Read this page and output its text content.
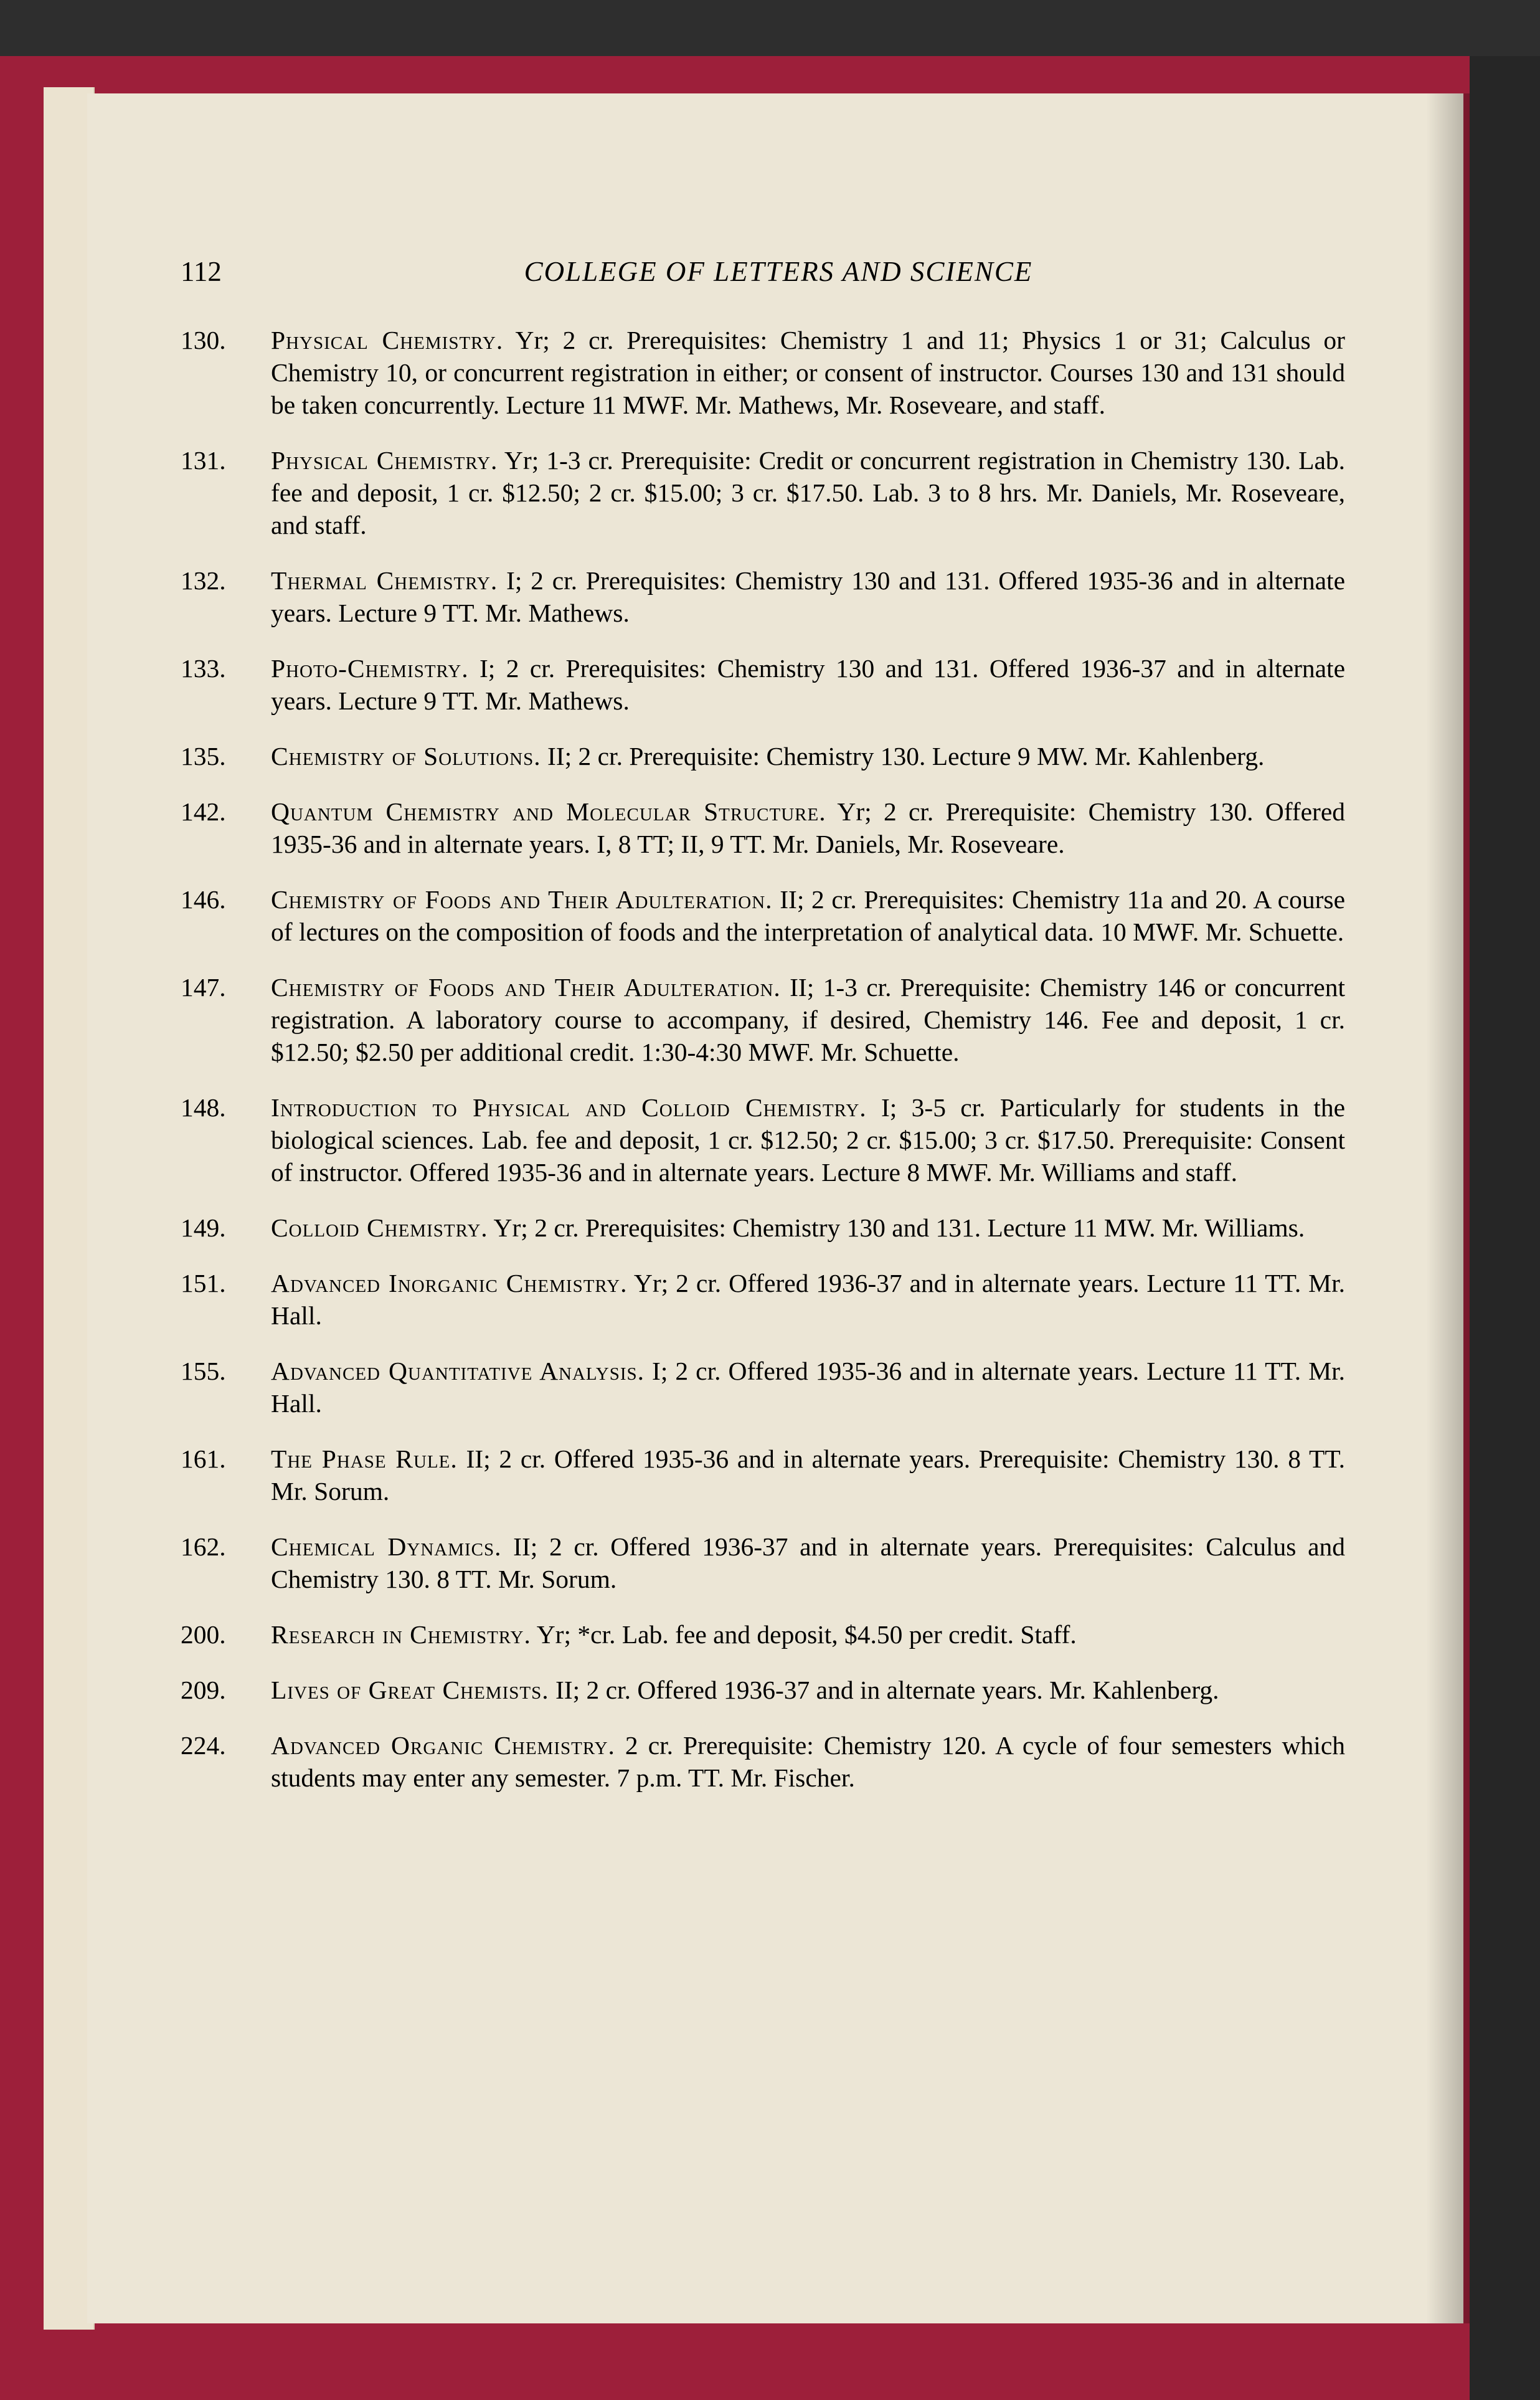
112	COLLEGE OF LETTERS AND SCIENCE
130. Physical Chemistry. Yr; 2 cr. Prerequisites: Chemistry 1 and 11; Physics 1 or 31; Calculus or Chemistry 10, or concurrent registration in either; or consent of instructor. Courses 130 and 131 should be taken concurrently. Lecture 11 MWF. Mr. Mathews, Mr. Roseveare, and staff.
131. Physical Chemistry. Yr; 1-3 cr. Prerequisite: Credit or concurrent registration in Chemistry 130. Lab. fee and deposit, 1 cr. $12.50; 2 cr. $15.00; 3 cr. $17.50. Lab. 3 to 8 hrs. Mr. Daniels, Mr. Roseveare, and staff.
132. Thermal Chemistry. I; 2 cr. Prerequisites: Chemistry 130 and 131. Offered 1935-36 and in alternate years. Lecture 9 TT. Mr. Mathews.
133. Photo-Chemistry. I; 2 cr. Prerequisites: Chemistry 130 and 131. Offered 1936-37 and in alternate years. Lecture 9 TT. Mr. Mathews.
135. Chemistry of Solutions. II; 2 cr. Prerequisite: Chemistry 130. Lecture 9 MW. Mr. Kahlenberg.
142. Quantum Chemistry and Molecular Structure. Yr; 2 cr. Prerequisite: Chemistry 130. Offered 1935-36 and in alternate years. I, 8 TT; II, 9 TT. Mr. Daniels, Mr. Roseveare.
146. Chemistry of Foods and Their Adulteration. II; 2 cr. Prerequisites: Chemistry 11a and 20. A course of lectures on the composition of foods and the interpretation of analytical data. 10 MWF. Mr. Schuette.
147. Chemistry of Foods and Their Adulteration. II; 1-3 cr. Prerequisite: Chemistry 146 or concurrent registration. A laboratory course to accompany, if desired, Chemistry 146. Fee and deposit, 1 cr. $12.50; $2.50 per additional credit. 1:30-4:30 MWF. Mr. Schuette.
148. Introduction to Physical and Colloid Chemistry. I; 3-5 cr. Particularly for students in the biological sciences. Lab. fee and deposit, 1 cr. $12.50; 2 cr. $15.00; 3 cr. $17.50. Prerequisite: Consent of instructor. Offered 1935-36 and in alternate years. Lecture 8 MWF. Mr. Williams and staff.
149. Colloid Chemistry. Yr; 2 cr. Prerequisites: Chemistry 130 and 131. Lecture 11 MW. Mr. Williams.
151. Advanced Inorganic Chemistry. Yr; 2 cr. Offered 1936-37 and in alternate years. Lecture 11 TT. Mr. Hall.
155. Advanced Quantitative Analysis. I; 2 cr. Offered 1935-36 and in alternate years. Lecture 11 TT. Mr. Hall.
161. The Phase Rule. II; 2 cr. Offered 1935-36 and in alternate years. Prerequisite: Chemistry 130. 8 TT. Mr. Sorum.
162. Chemical Dynamics. II; 2 cr. Offered 1936-37 and in alternate years. Prerequisites: Calculus and Chemistry 130. 8 TT. Mr. Sorum.
200. Research in Chemistry. Yr; *cr. Lab. fee and deposit, $4.50 per credit. Staff.
209. Lives of Great Chemists. II; 2 cr. Offered 1936-37 and in alternate years. Mr. Kahlenberg.
224. Advanced Organic Chemistry. 2 cr. Prerequisite: Chemistry 120. A cycle of four semesters which students may enter any semester. 7 p.m. TT. Mr. Fischer.
